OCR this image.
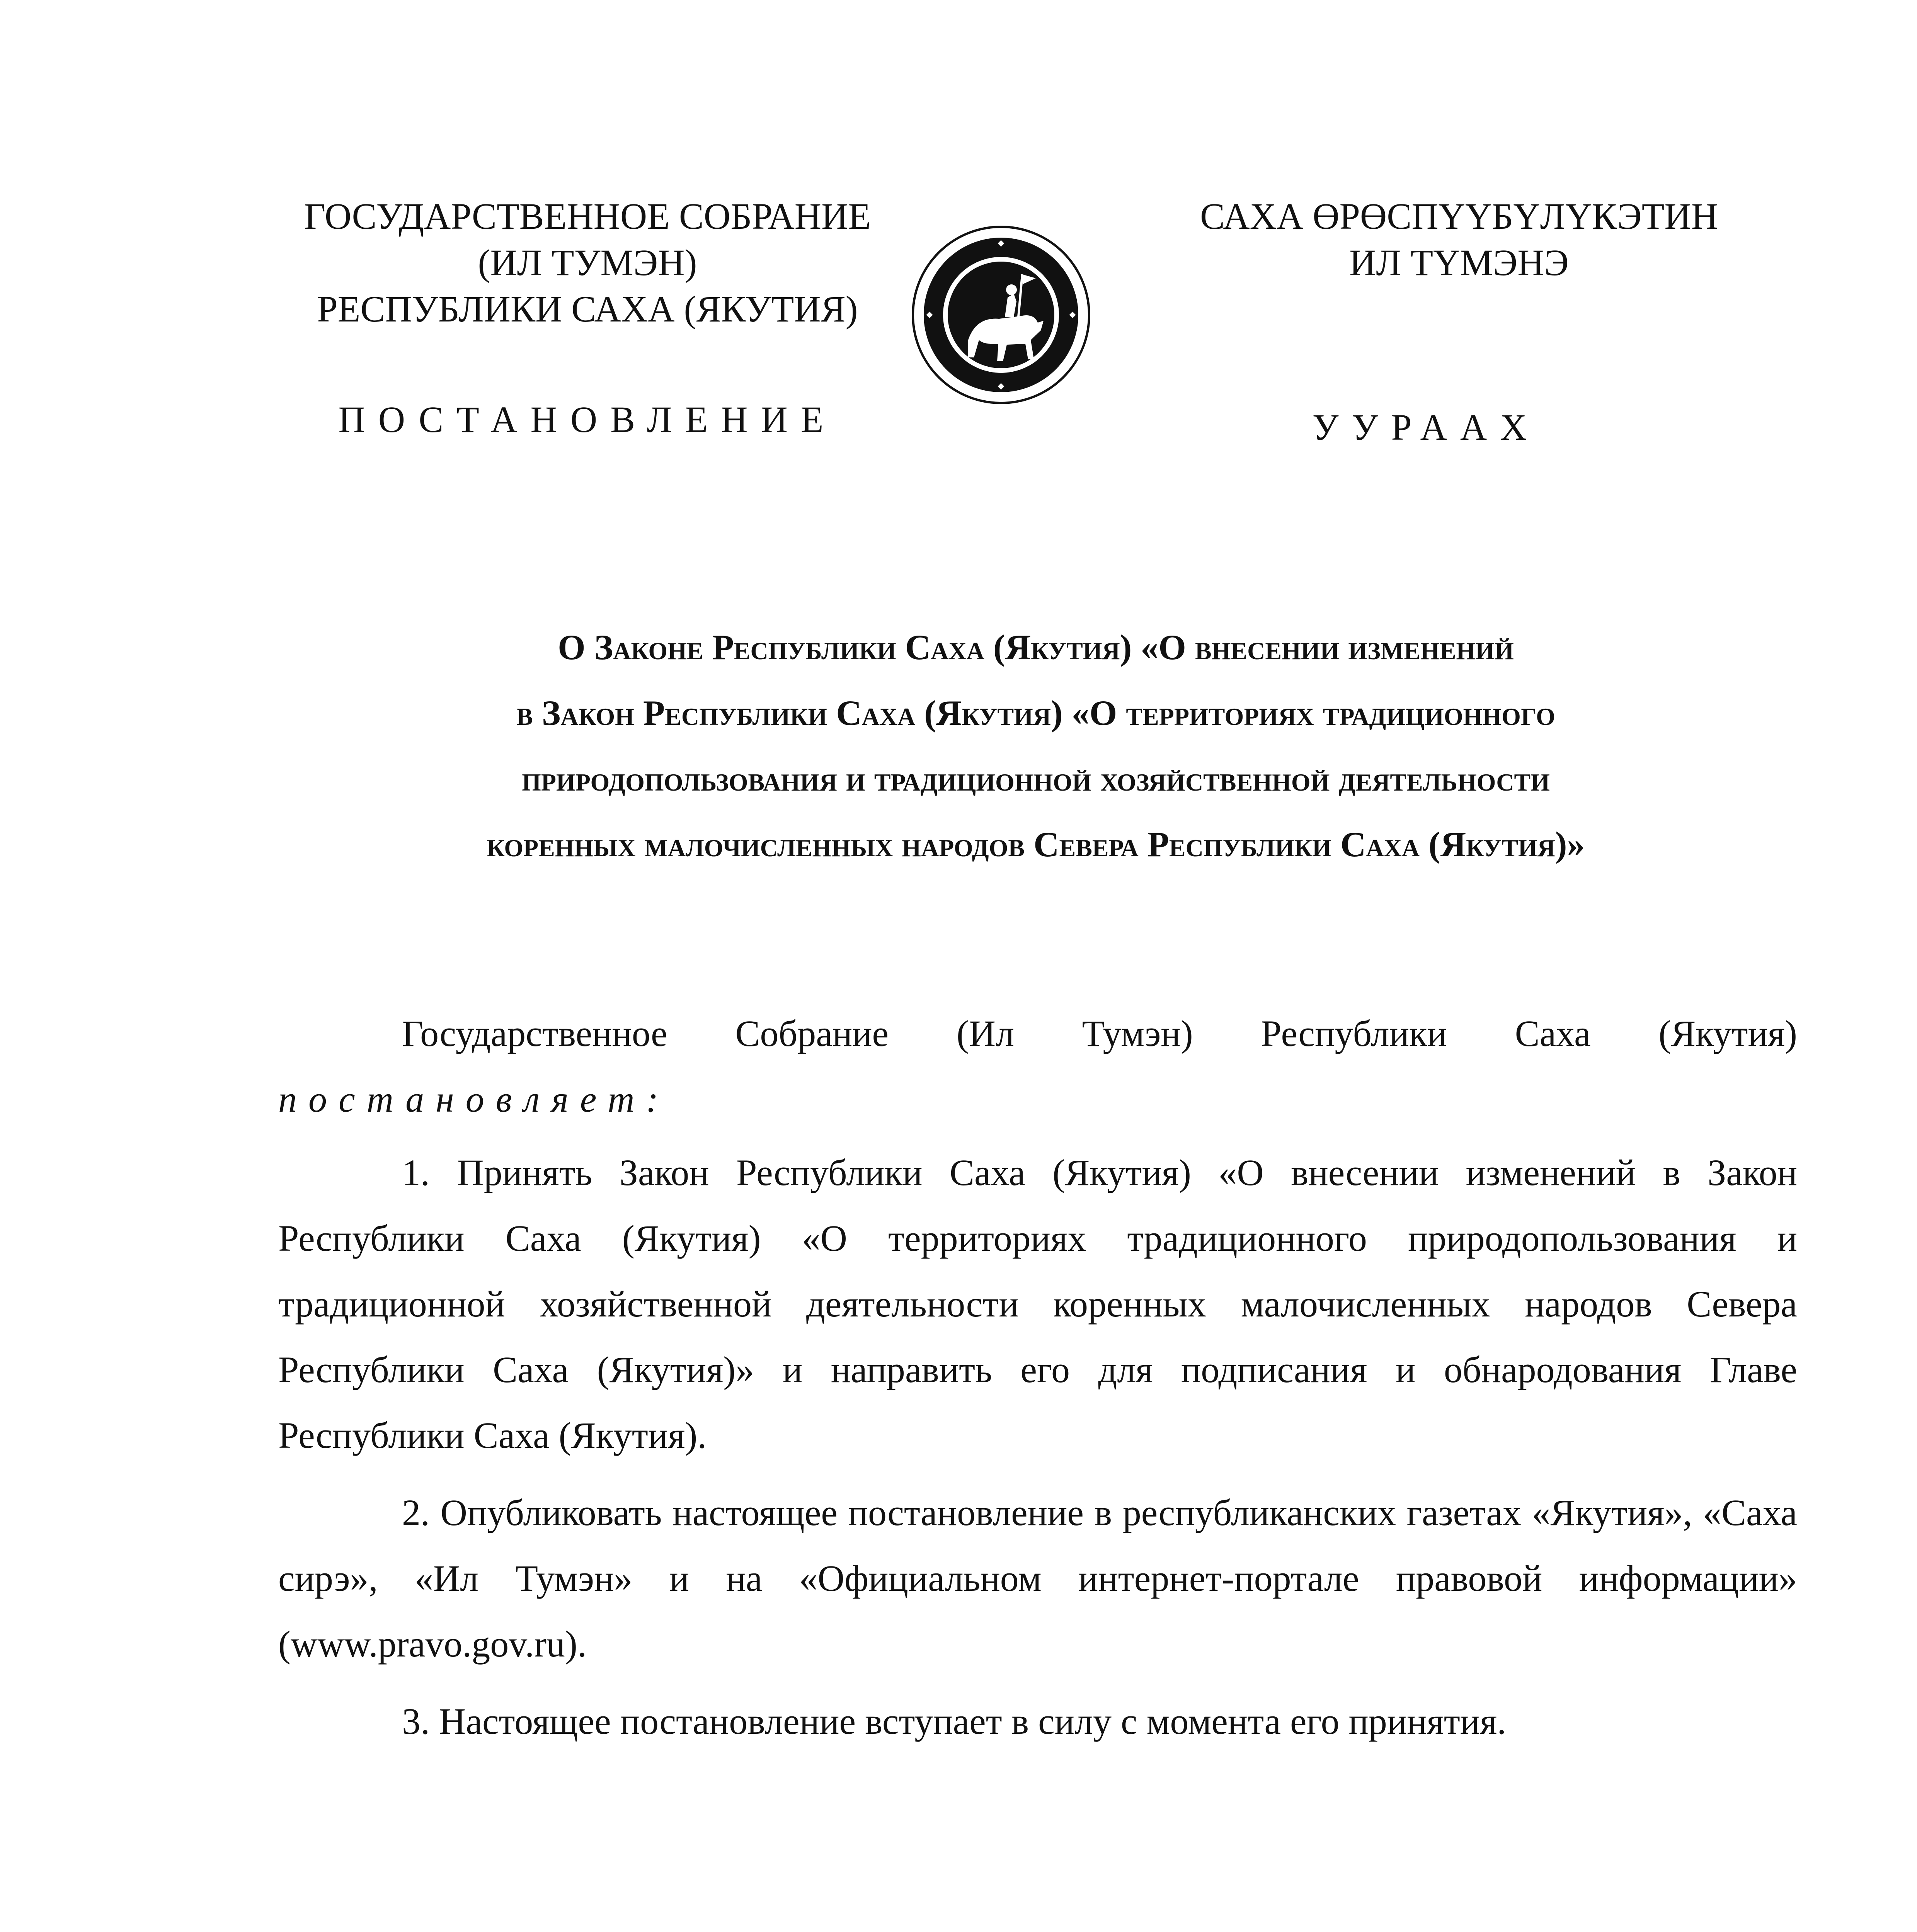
ГОСУДАРСТВЕННОЕ СОБРАНИЕ
(ИЛ ТУМЭН)
РЕСПУБЛИКИ САХА (ЯКУТИЯ)
САХА ӨРӨСПҮҮБҮЛҮКЭТИН
ИЛ ТҮМЭНЭ
ПОСТАНОВЛЕНИЕ	УУРААХ
О Законе Республики Саха (Якутия) «О внесении изменений
в Закон Республики Саха (Якутия) «О территориях традиционного
природопользования и традиционной хозяйственной деятельности
коренных малочисленных народов Севера Республики Саха (Якутия)»

Государственное Собрание (Ил Тумэн) Республики Саха (Якутия)

постановляет:

1. Принять Закон Республики Саха (Якутия) «О внесении изменений в Закон Республики Саха (Якутия) «О территориях традиционного природопользования и традиционной хозяйственной деятельности коренных малочисленных народов Севера Республики Саха (Якутия)» и направить его для подписания и обнародования Главе Республики Саха (Якутия).

2. Опубликовать настоящее постановление в республиканских газетах «Якутия», «Саха сирэ», «Ил Тумэн» и на «Официальном интернет-портале правовой информации» (www.pravo.gov.ru).

3. Настоящее постановление вступает в силу с момента его принятия.
